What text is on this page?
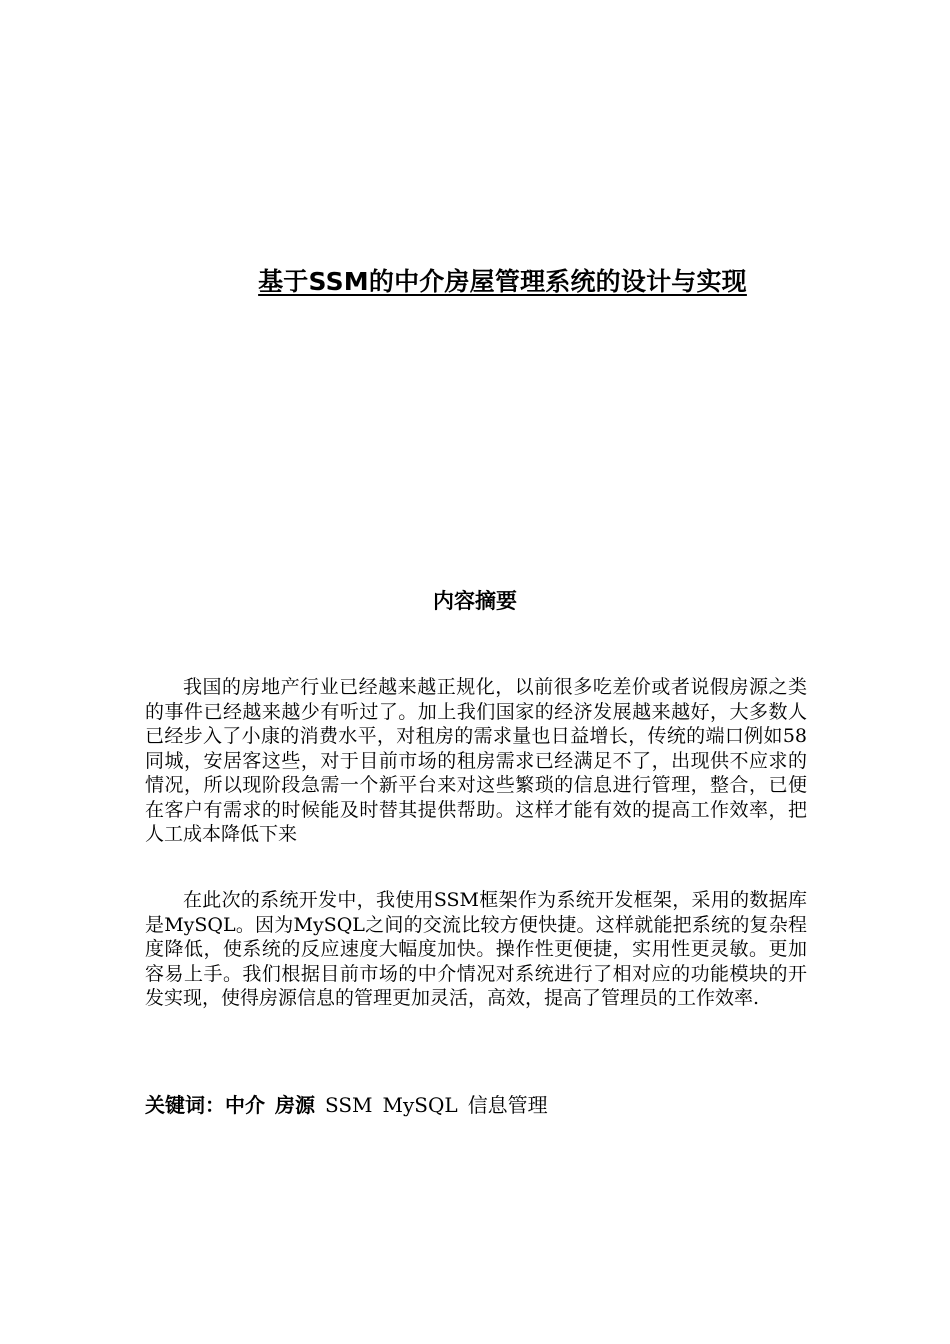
基于SSM的中介房屋管理系统的设计与实现
内容摘要

我国的房地产行业已经越来越正规化，以前很多吃差价或者说假房源之类的事件已经越来越少有听过了。加上我们国家的经济发展越来越好，大多数人已经步入了小康的消费水平，对租房的需求量也日益增长，传统的端口例如58同城，安居客这些，对于目前市场的租房需求已经满足不了，出现供不应求的情况，所以现阶段急需一个新平台来对这些繁琐的信息进行管理，整合，已便在客户有需求的时候能及时替其提供帮助。这样才能有效的提高工作效率，把人工成本降低下来

在此次的系统开发中，我使用SSM框架作为系统开发框架，采用的数据库是MySQL。因为MySQL之间的交流比较方便快捷。这样就能把系统的复杂程度降低，使系统的反应速度大幅度加快。操作性更便捷，实用性更灵敏。更加容易上手。我们根据目前市场的中介情况对系统进行了相对应的功能模块的开发实现，使得房源信息的管理更加灵活，高效，提高了管理员的工作效率.

关键词：中介 房源 SSM MySQL 信息管理
